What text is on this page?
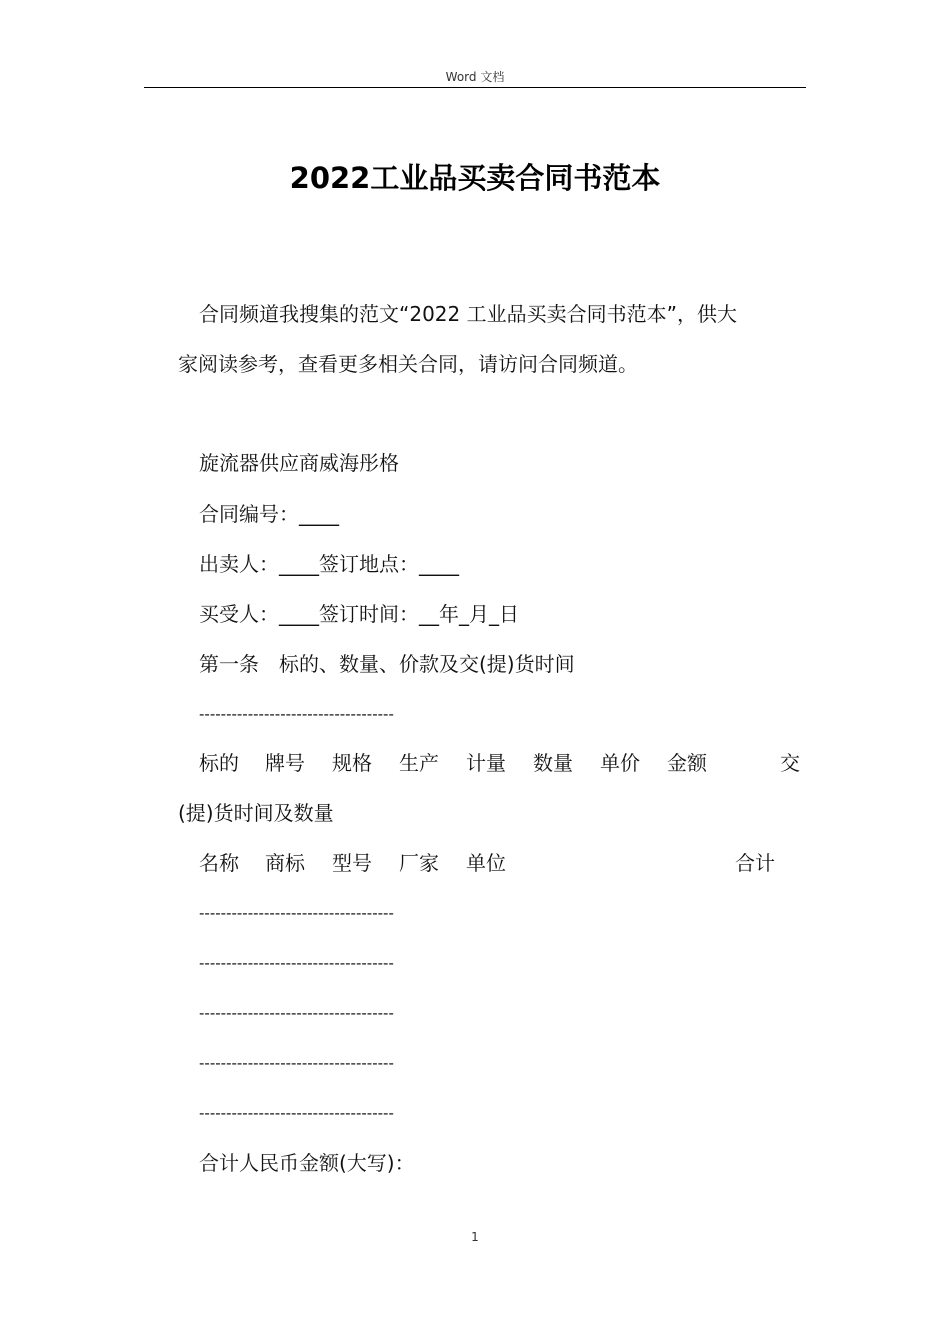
Word 文档
2022工业品买卖合同书范本
合同频道我搜集的范文“2022 工业品买卖合同书范本”，供大
家阅读参考，查看更多相关合同，请访问合同频道。
旋流器供应商威海彤格
合同编号：____
出卖人：____签订地点：____
买受人：____签订时间：__年_月_日
第一条　标的、数量、价款及交(提)货时间
------------------------------------
标的 牌号 规格 生产 计量 数量 单价 金额	交
(提)货时间及数量
名称 商标 型号 厂家 单位	合计
------------------------------------
------------------------------------
------------------------------------
------------------------------------
------------------------------------
合计人民币金额(大写)：
1
